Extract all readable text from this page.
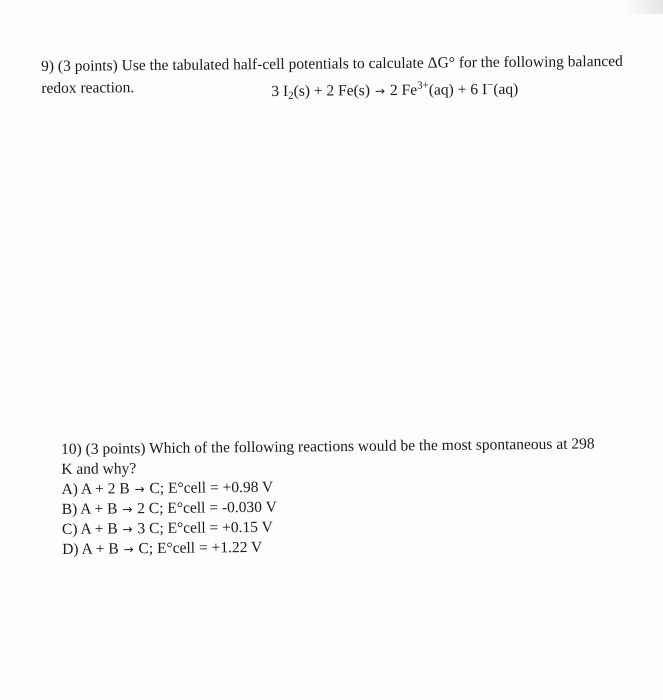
9) (3 points) Use the tabulated half-cell potentials to calculate ΔG° for the following balanced
redox reaction.	3 $I_2(s) + 2$ Fe(s) → 2 $Fe^{3+}(aq) + 6$ I−(aq)

10) (3 points) Which of the following reactions would be the most spontaneous at 298 K and why?

A) A + 2 B → C; E°cell = +0.98 V
B) A + B → 2 C; E°cell = -0.030 V
C) A + B → 3 C; E°cell = +0.15 V
D) A + B → C; E°cell = +1.22 V
